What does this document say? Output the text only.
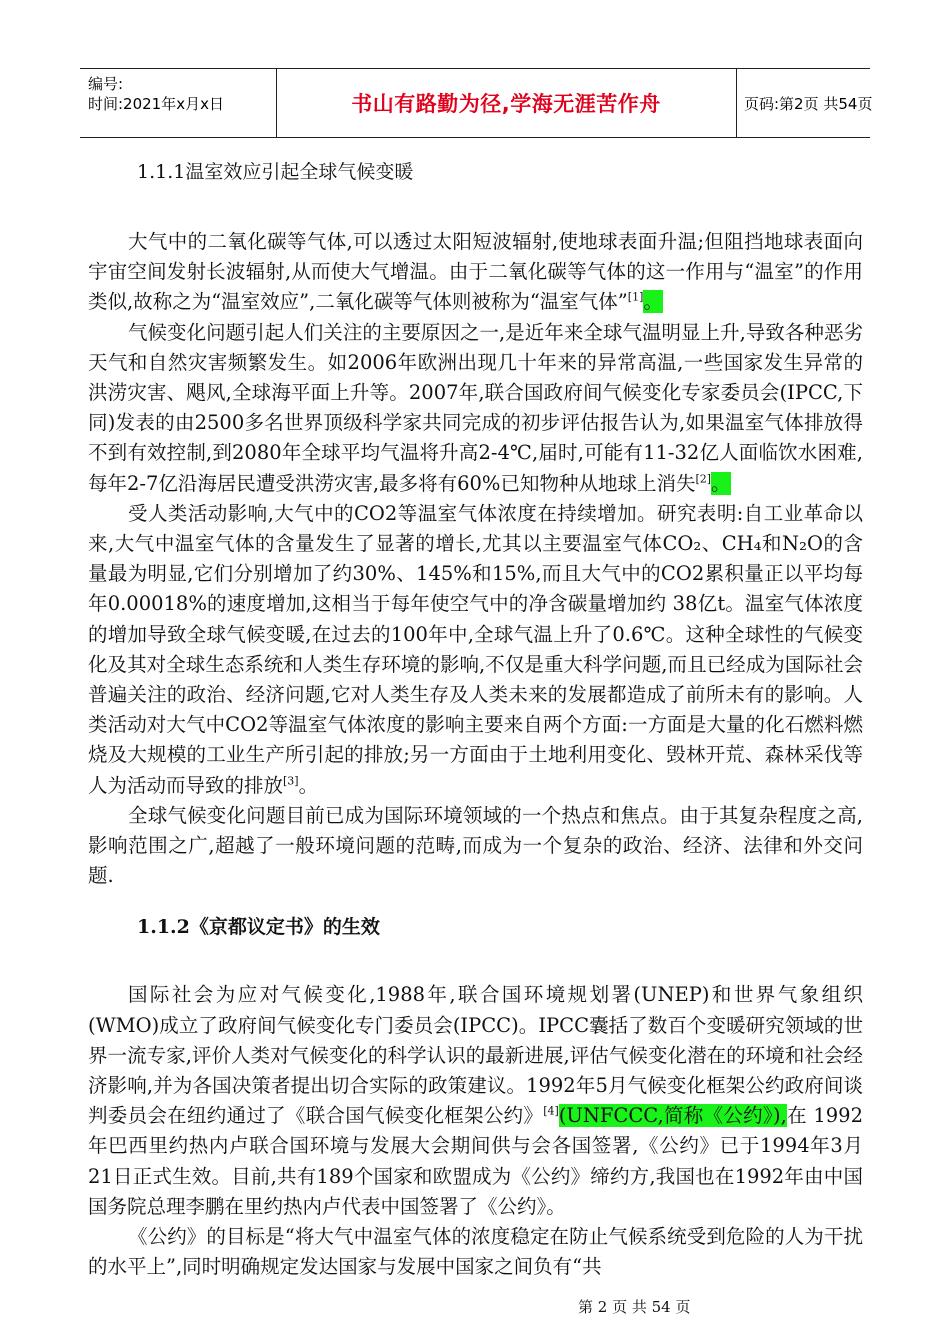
编号:
时间:2021年x月x日	书山有路勤为径,学海无涯苦作舟	页码:第2页 共54页
1.1.1温室效应引起全球气候变暖

大气中的二氧化碳等气体,可以透过太阳短波辐射,使地球表面升温;但阻挡地球表面向宇宙空间发射长波辐射,从而使大气增温。由于二氧化碳等气体的这一作用与“温室”的作用类似,故称之为“温室效应”,二氧化碳等气体则被称为“温室气体”[1]。

气候变化问题引起人们关注的主要原因之一,是近年来全球气温明显上升,导致各种恶劣天气和自然灾害频繁发生。如2006年欧洲出现几十年来的异常高温,一些国家发生异常的洪涝灾害、飓风,全球海平面上升等。2007年,联合国政府间气候变化专家委员会(IPCC,下同)发表的由2500多名世界顶级科学家共同完成的初步评估报告认为,如果温室气体排放得不到有效控制,到2080年全球平均气温将升高2-4℃,届时,可能有11-32亿人面临饮水困难,每年2-7亿沿海居民遭受洪涝灾害,最多将有60%已知物种从地球上消失[2]。

受人类活动影响,大气中的CO2等温室气体浓度在持续增加。研究表明:自工业革命以来,大气中温室气体的含量发生了显著的增长,尤其以主要温室气体CO₂、CH₄和N₂O的含量最为明显,它们分别增加了约30%、145%和15%,而且大气中的CO2累积量正以平均每年0.00018%的速度增加,这相当于每年使空气中的净含碳量增加约 38亿t。温室气体浓度的增加导致全球气候变暖,在过去的100年中,全球气温上升了0.6℃。这种全球性的气候变化及其对全球生态系统和人类生存环境的影响,不仅是重大科学问题,而且已经成为国际社会普遍关注的政治、经济问题,它对人类生存及人类未来的发展都造成了前所未有的影响。人类活动对大气中CO2等温室气体浓度的影响主要来自两个方面:一方面是大量的化石燃料燃烧及大规模的工业生产所引起的排放;另一方面由于土地利用变化、毁林开荒、森林采伐等人为活动而导致的排放[3]。

全球气候变化问题目前已成为国际环境领域的一个热点和焦点。由于其复杂程度之高,影响范围之广,超越了一般环境问题的范畴,而成为一个复杂的政治、经济、法律和外交问题.

1.1.2《京都议定书》的生效

国际社会为应对气候变化,1988年,联合国环境规划署(UNEP)和世界气象组织(WMO)成立了政府间气候变化专门委员会(IPCC)。IPCC囊括了数百个变暖研究领域的世界一流专家,评价人类对气候变化的科学认识的最新进展,评估气候变化潜在的环境和社会经济影响,并为各国决策者提出切合实际的政策建议。1992年5月气候变化框架公约政府间谈判委员会在纽约通过了《联合国气候变化框架公约》[4](UNFCCC,简称《公约》),在 1992年巴西里约热内卢联合国环境与发展大会期间供与会各国签署,《公约》已于1994年3月21日正式生效。目前,共有189个国家和欧盟成为《公约》缔约方,我国也在1992年由中国国务院总理李鹏在里约热内卢代表中国签署了《公约》。

《公约》的目标是“将大气中温室气体的浓度稳定在防止气候系统受到危险的人为干扰的水平上”,同时明确规定发达国家与发展中国家之间负有“共

第 2 页 共 54 页
